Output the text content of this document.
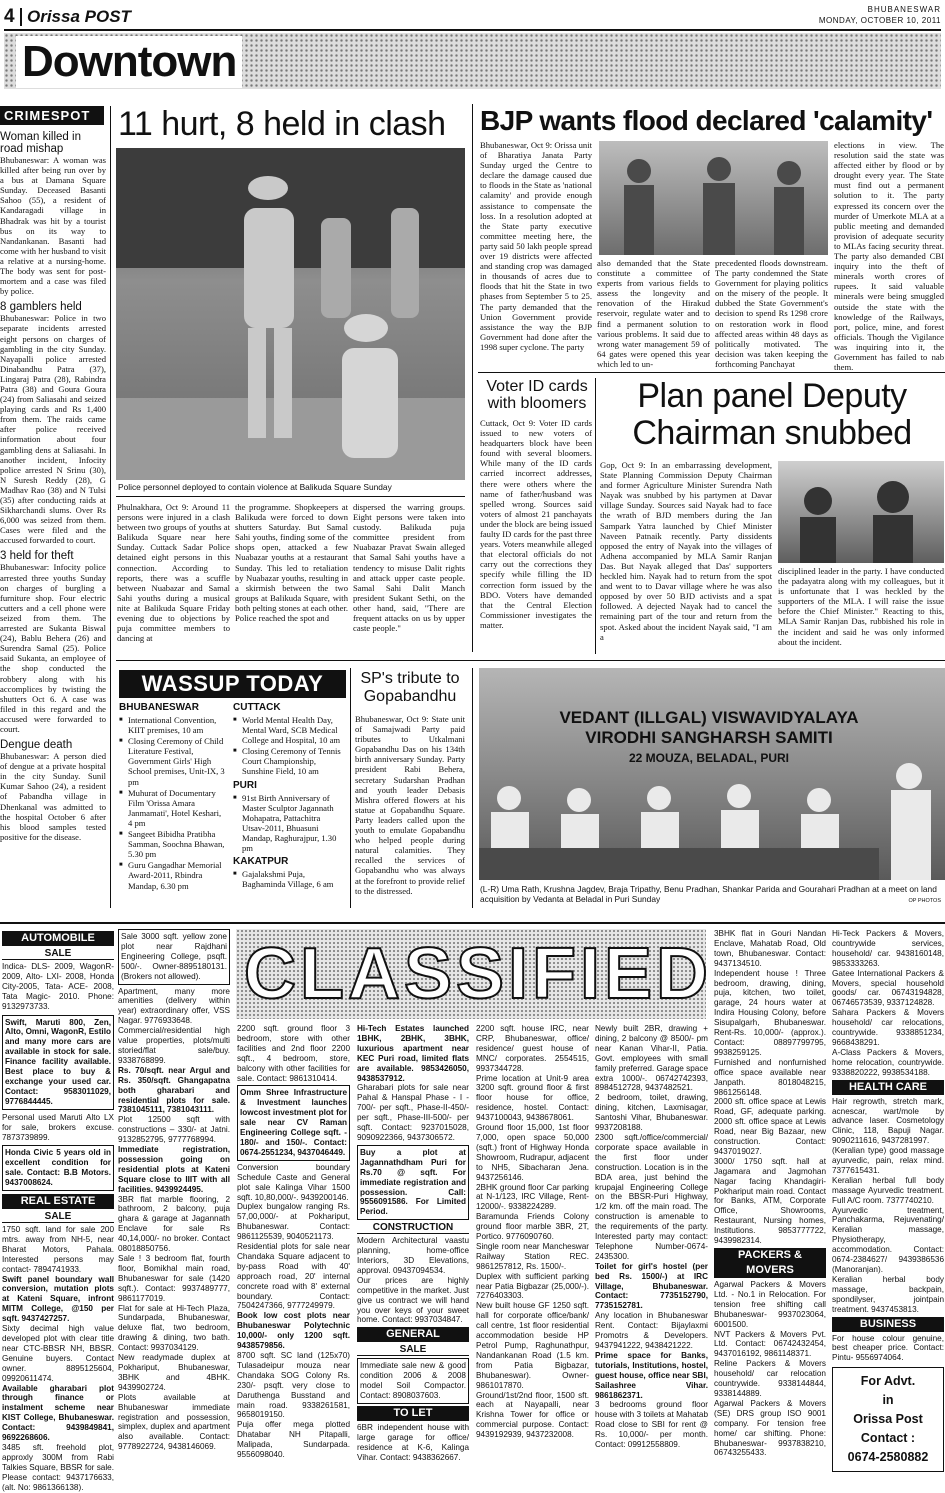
4 Orissa POST	BHUBANESWAR
MONDAY, OCTOBER 10, 2011
Downtown
CRIMESPOT
Woman killed in road mishap

Bhubaneswar: A woman was killed after being run over by a bus at Damana Square Sunday. Deceased Basanti Sahoo (55), a resident of Kandaragadi village in Bhadrak was hit by a tourist bus on its way to Nandankanan. Basanti had come with her husband to visit a relative at a nursing-home. The body was sent for post-mortem and a case was filed by police.

8 gamblers held

Bhubaneswar: Police in two separate incidents arrested eight persons on charges of gambling in the city Sunday. Nayapalli police arrested Dinabandhu Patra (37), Lingaraj Patra (28), Rabindra Patra (38) and Goura Goura (24) from Saliasahi and seized playing cards and Rs 1,400 from them. The raids came after police received information about four gambling dens at Saliasahi. In another incident, Infocity police arrested N Srinu (30), N Suresh Reddy (28), G Madhav Rao (38) and N Tulsi (35) after conducting raids at Sikharchandi slums. Over Rs 6,000 was seized from them. Cases were filed and the accused forwarded to court.

3 held for theft

Bhubaneswar: Infocity police arrested three youths Sunday on charges of burgling a furniture shop. Four electric cutters and a cell phone were seized from them. The arrested are Sukanta Biswal (24), Bablu Behera (26) and Surendra Samal (25). Police said Sukanta, an employee of the shop conducted the robbery along with his accomplices by twisting the shutters Oct 6. A case was filed in this regard and the accused were forwarded to court.

Dengue death

Bhubaneswar: A person died of dengue at a private hospital in the city Sunday. Sunil Kumar Sahoo (24), a resident of Pabandha village in Dhenkanal was admitted to the hospital October 6 after his blood samples tested positive for the disease.

11 hurt, 8 held in clash
Police personnel deployed to contain violence at Balikuda Square Sunday

Phulnakhara, Oct 9: Around 11 persons were injured in a clash between two groups of youths at Balikuda Square near here Sunday. Cuttack Sadar Police detained eight persons in this connection. According to reports, there was a scuffle between Nuabazar and Samal Sahi youths during a musical nite at Balikuda Square Friday evening due to objections by puja committee members to dancing at

the programme. Shopkeepers at Balikuda were forced to down shutters Saturday. But Samal Sahi youths, finding some of the shops open, attacked a few Nuabazar youths at a restaurant Sunday. This led to retaliation by Nuabazar youths, resulting in a skirmish between the two groups at Balikuda Square, with both pelting stones at each other. Police reached the spot and

dispersed the warring groups. Eight persons were taken into custody. Balikuda puja committee president from Nuabazar Pravat Swain alleged that Samal Sahi youths have a tendency to misuse Dalit rights and attack upper caste people. Samal Sahi Dalit Manch president Sukant Sethi, on the other hand, said, "There are frequent attacks on us by upper caste people."

BJP wants flood declared 'calamity'

Bhubaneswar, Oct 9: Orissa unit of Bharatiya Janata Party Sunday urged the Centre to declare the damage caused due to floods in the State as 'national calamity' and provide enough assistance to compensate the loss. In a resolution adopted at the State party executive committee meeting here, the party said 50 lakh people spread over 19 districts were affected and standing crop was damaged in thousands of acres due to floods that hit the State in two phases from September 5 to 25. The party demanded that the Union Government provide assistance the way the BJP Government had done after the 1998 super cyclone. The party

also demanded that the State constitute a committee of experts from various fields to assess the longevity and renovation of the Hirakud reservoir, regulate water and to find a permanent solution to various problems. It said due to wrong water management 59 of 64 gates were opened this year which led to un-

precedented floods downstream. The party condemned the State Government for playing politics on the misery of the people. It dubbed the State Government's decision to spend Rs 1298 crore on restoration work in flood affected areas within 48 days as politically motivated. The decision was taken keeping the forthcoming Panchayat

elections in view. The resolution said the state was affected either by flood or by drought every year. The State must find out a permanent solution to it. The party expressed its concern over the murder of Umerkote MLA at a public meeting and demanded provision of adequate security to MLAs facing security threat. The party also demanded CBI inquiry into the theft of minerals worth crores of rupees. It said valuable minerals were being smuggled outside the state with the knowledge of the Railways, port, police, mine, and forest officials. Though the Vigilance was inquiring into it, the Government has failed to nab them.

Voter ID cards with bloomers

Cuttack, Oct 9: Voter ID cards issued to new voters of headquarters block have been found with several bloomers. While many of the ID cards carried incorrect addresses, there were others where the name of father/husband was spelled wrong. Sources said voters of almost 21 panchayats under the block are being issued faulty ID cards for the past three years. Voters meanwhile alleged that electoral officials do not carry out the corrections they specify while filling the ID correction form issued by the BDO. Voters have demanded that the Central Election Commissioner investigates the matter.

Plan panel Deputy Chairman snubbed

Gop, Oct 9: In an embarrassing development, State Planning Commission Deputy Chairman and former Agriculture Minister Surendra Nath Nayak was snubbed by his partymen at Davar village Sunday. Sources said Nayak had to face the wrath of BJD members during the Jan Sampark Yatra launched by Chief Minister Naveen Patnaik recently. Party dissidents opposed the entry of Nayak into the villages of Adhena accompanied by MLA Samir Ranjan Das. But Nayak alleged that Das' supporters heckled him. Nayak had to return from the spot and went to to Davar village where he was also opposed by over 50 BJD activists and a spat followed. A dejected Nayak had to cancel the remaining part of the tour and return from the spot. Asked about the incident Nayak said, "I am a

disciplined leader in the party. I have conducted the padayatra along with my colleagues, but it is unfortunate that I was heckled by the supporters of the MLA. I will raise the issue before the Chief Minister." Reacting to this, MLA Samir Ranjan Das, rubbished his role in the incident and said he was only informed about the incident.

WASSUP TODAY
BHUBANESWAR
■ International Convention, KIIT premises, 10 am
■ Closing Ceremony of Child Literature Festival, Government Girls' High School premises, Unit-IX, 3 pm
■ Muhurat of Documentary Film 'Orissa Amara Janmamati', Hotel Keshari, 4 pm
■ Sangeet Bibidha Pratibha Samman, Soochna Bhawan, 5.30 pm
■ Guru Gangadhar Memorial Award-2011, Rbindra Mandap, 6.30 pm
CUTTACK
■ World Mental Health Day, Mental Ward, SCB Medical College and Hospital, 10 am
■ Closing Ceremony of Tennis Court Championship, Sunshine Field, 10 am
PURI
■ 91st Birth Anniversary of Master Sculptor Jagannath Mohapatra, Pattachitra Utsav-2011, Bhuasuni Mandap, Raghurajpur, 1.30 pm
KAKATPUR
■ Gajalakshmi Puja, Baghaminda Village, 6 am
SP's tribute to Gopabandhu

Bhubaneswar, Oct 9: State unit of Samajwadi Party paid tributes to Utkalmani Gopabandhu Das on his 134th birth anniversary Sunday. Party president Rabi Behera, secretary Sudarshan Pradhan and youth leader Debasis Mishra offered flowers at his statue at Gopabandhu Square. Party leaders called upon the youth to emulate Gopabandhu who helped people during natural calamities. They recalled the services of Gopabandhu who was always at the forefront to provide relief to the distressed.

VEDANT (ILLGAL) VISWAVIDYALAYA
VIRODHI SANGHARSH SAMITI
22 MOUZA, BELADAL, PURI
(L-R) Uma Rath, Krushna Jagdev, Braja Tripathy, Benu Pradhan, Shankar Parida and Gourahari Pradhan at a meet on land acquisition by Vedanta at Beladal in Puri Sunday	OP PHOTOS
CLASSIFIED
AUTOMOBILE
SALE

Indica- DLS- 2009, WagonR- 2009, Alto- LXI- 2008, Honda City-2005, Tata- ACE- 2008, Tata Magic- 2010. Phone: 9132973733.

Swift, Maruti 800, Zen, Alto, Omni, WagonR, Estilo and many more cars are available in stock for sale. Finance facility available. Best place to buy & exchange your used car. Contact: 9583011029, 9776844445.

Personal used Maruti Alto LX for sale, brokers excuse. 7873739899.

Honda Civic 5 years old in excellent condition for sale. Contact: B.B Motors. 9437008624.

REAL ESTATE
SALE

1750 sqft. land for sale 200 mtrs. away from NH-5, near Bharat Motors, Pahala. Interested persons may contact- 7894741933.

Swift panel boundary wall conversion, mutation plots at Kateni Square, infront MITM College, @150 per sqft. 9437427257.

Sixty decimal high value developed plot with clear title near CTC-BBSR NH, BBSR. Genuine buyers. Contact owner. 8895125604, 09920611474.

Available gharabari plot through finance or instalment scheme near KIST College, Bhubaneswar. Contact: 9439849841, 9692268606.

3485 sft. freehold plot, approxly 300M from Rabi Talkies Square, BBSR for sale. Please contact: 9437176633, (alt. No: 9861366138).

Sale 3000 sqft. yellow zone plot near Rajdhani Engineering College, psqft. 500/-. Owner-8895180131. (Brokers not allowed).

Apartment, many more amenities (delivery within year) extraordinary offer, VSS Nagar. 9776933648.

Commercial/residential high value properties, plots/multi storied/flat sale/buy. 9338768899.

Rs. 70/sqft. near Argul and Rs. 350/sqft. Ghangapatna both gharabari and residential plots for sale. 7381045111, 7381043111.

Plot 12500 sqft with constructions – 330/- at Jatni. 9132852795, 9777768994.

Immediate registration, possession going on residential plots at Kateni Square close to IIIT with all facilities. 9439924495.

3BR flat marble flooring, 2 bathroom, 2 balcony, puja ghara & garage at Jagannath Enclave for sale Rs 40,14,000/- no broker. Contact 08018850756.

Sale ! 3 bedroom flat, fourth floor, Bomikhal main road, Bhubaneswar for sale (1420 sqft.). Contact: 9937489777, 9861177019.

Flat for sale at Hi-Tech Plaza, Sundarpada, Bhubaneswar, deluxe flat, two bedroom, drawing & dining, two bath. Contact: 9937034129.

New readymade duplex at Pokhariput, Bhubaneswar, 3BHK and 4BHK. 9439902724.

Plots available at Bhubaneswar immediate registration and possession, simplex, duplex and apartment also available. Contact: 9778922724, 9438146069.

2200 sqft. ground floor 3 bedroom, store with other facilities and 2nd floor 2200 sqft., 4 bedroom, store, balcony with other facilities for sale. Contact: 9861310414.

Omm Shree Infrastructure & Investment launches lowcost investment plot for sale near CV Raman Engineering College sqft. - 180/- and 150/-. Contact: 0674-2551234, 9437046449.

Conversion boundary Schedule Caste and General plot sale Kalinga Vihar 1500 sqft. 10,80,000/-. 9439200146.

Duplex bungalow ranging Rs. 57,00,000/- at Pokhariput, Bhubaneswar. Contact: 9861125539, 9040521173.

Residential plots for sale near Chandaka Square adjacent to by-pass Road with 40' approach road, 20' internal concrete road with 8' external boundary. Contact: 7504247366, 9777249979.

Book low cost plots near Bhubaneswar Polytechnic 10,000/- only 1200 sqft. 9438579856.

8700 sqft. SC land (125x70) Tulasadeipur mouza near Chandaka SOG Colony Rs. 230/- psqft. very close to Daruthenga Busstand and main road. 9338261581, 9658019150.

Puja offer mega plotted Dhatabar NH Pitapalli, Malipada, Sundarpada. 9556098040.

Hi-Tech Estates launched 1BHK, 2BHK, 3BHK, luxurious apartment near KEC Puri road, limited flats are available. 9853426050, 9438537912.

Gharabari plots for sale near Pahal & Hanspal Phase - I - 700/- per sqft., Phase-II-450/- per sqft., Phase-III-500/- per sqft. Contact: 9237015028, 9090922366, 9437306572.

Buy a plot at Jagannathdham Puri for Rs.70 @ sqft. For immediate registration and possession. Call: 9556091586. For Limited Period.

CONSTRUCTION

Modern Architectural vaastu planning, home-office Interiors, 3D Elevations, approval. 09437094534.

Our prices are highly competitive in the market. Just give us contract we will hand you over keys of your sweet home. Contact: 9937034847.

GENERAL
SALE

Immediate sale new & good condition 2006 & 2008 model Soil Compactor. Contact: 8908037603.

TO LET

6BR independent house with large garage for office/ residence at K-6, Kalinga Vihar. Contact: 9438362667.

2200 sqft. house IRC, near CRP, Bhubaneswar, office/ residence/ guest house of MNC/ corporates. 2554515, 9937344728.

Prime location at Unit-9 area 3200 sqft. ground floor & first floor house for office, residence, hostel. Contact: 9437100043, 9438678061.

Ground floor 15,000, 1st floor 7,000, open space 50,000 (sqft.) front of Highway Honda Showroom, Rudrapur, adjacent to NH5, Sibacharan Jena. 9437256146.

2BHK ground floor Car parking at N-1/123, IRC Village, Rent- 12000/-. 9338224289.

Baramunda Friends Colony ground floor marble 3BR, 2T, Portico. 9776090760.

Single room near Mancheswar Railway Station REC. 9861257812, Rs. 1500/-.

Duplex with sufficient parking near Patia Bigbazar (25,000/-). 7276403303.

New built house GF 1250 sqft. hall for corporate office/bank/ call centre, 1st floor residential accommodation beside HP Petrol Pump, Raghunathpur, Nandankanan Road (1.5 km. from Patia Bigbazar, Bhubaneswar). Owner- 9861017870.

Ground/1st/2nd floor, 1500 sft. each at Nayapalli, near Krishna Tower for office or commercial purpose. Contact: 9439192939, 9437232008.

Newly built 2BR, drawing + dining, 2 balcony @ 8500/- pm near Kanan Vihar-II, Patia. Govt. employees with small family preferred. Garage space extra 1000/-. 06742742393, 8984512728, 9437482521.

2 bedroom, toilet, drawing, dining, kitchen, Laxmisagar, Santoshi Vihar, Bhubaneswar. 9937208188.

2300 sqft./office/commercial/ corporate space available in the first floor under construction. Location is in the BDA area, just behind the krupajal Engineering College on the BBSR-Puri Highway, 1/2 km. off the main road. The construction is amenable to the requirements of the party. Interested party may contact: Telephone Number-0674-2435300.

Toilet for girl's hostel (per bed Rs. 1500/-) at IRC Village, Bhubaneswar. Contact: 7735152790, 7735152781.

Any location in Bhubaneswar Rent. Contact: Bijaylaxmi Promotrs & Developers. 9437941222, 9438421222.

Prime space for Banks, tutorials, Institutions, hostel, guest house, office near SBI, Sailashree Vihar. 9861862371.

3 bedrooms ground floor house with 3 toilets at Mahatab Road close to SBI for rent @ Rs. 10,000/- per month. Contact: 09912558809.

3BHK flat in Gouri Nandan Enclave, Mahatab Road, Old town, Bhubaneswar. Contact: 9437134510.

Independent house ! Three bedroom, drawing, dining, puja, kitchen, two toilet, garage, 24 hours water at Indira Housing Colony, before Sisupalgarh, Bhubaneswar. Rent-Rs. 10,000/- (approx.). Contact: 08897799795, 9938259125.

Furnished and nonfurnished office space available near Janpath. 8018048215, 9861256148.

2000 sft. office space at Lewis Road, GF, adequate parking. 2000 sft. office space at Lewis Road, near Big Bazaar, new construction. Contact: 9437019027.

3000/ 1750 sqft. hall at Jagamara and Jagmohan Nagar facing Khandagiri-Pokhariput main road. Contact for Banks, ATM, Corporate Office, Showrooms, Restaurant, Nursing homes, Institutions. 9853777722, 9439982314.

PACKERS & MOVERS

Agarwal Packers & Movers Ltd. - No.1 in Relocation. For tension free shifting call Bhubaneswar- 9937023064, 6001500.

NVT Packers & Movers Pvt. Ltd. Contact: 06742432454, 9437016192, 9861148371.

Reline Packers & Movers household/ car relocation countrywide. 9338144844, 9338144889.

Agarwal Packers & Movers (SE) DRS group ISO 9001 company. For tension free home/ car shifting. Phone: Bhubaneswar- 9937838210, 06743255433.

Hi-Teck Packers & Movers, countrywide services, household/ car. 9438160148, 9853333263.

Gatee International Packers & Movers, special household goods/ car. 06743194828, 06746573539, 9337124828.

Sahara Packers & Movers household/ car relocations, countrywide. 9338851234, 9668438291.

A-Class Packers & Movers, home relocation, countrywide. 9338820222, 9938534188.

HEALTH CARE

Hair regrowth, stretch mark, acnescar, wart/mole by advance laser. Cosmetology Clinic, 118, Bapuji Nagar. 9090211616, 9437281997.

(Keralian type) good massage ayurvedic, pain, relax mind. 7377615431.

Keralian herbal full body massage Ayurvedic treatment. Full A/C room. 7377740210.

Ayurvedic treatment, Panchakarma, Rejuvenating/ Keralian massage, Physiotherapy, accommodation. Contact: 0674-2384627/ 9439386536 (Manoranjan).

Keralian herbal body massage, backpain, spondilyser, jointpain treatment. 9437453813.

BUSINESS

For house colour genuine, best cheaper price. Contact: Pintu- 9556974064.

For Advt.
in
Orissa Post
Contact :
0674-2580882
